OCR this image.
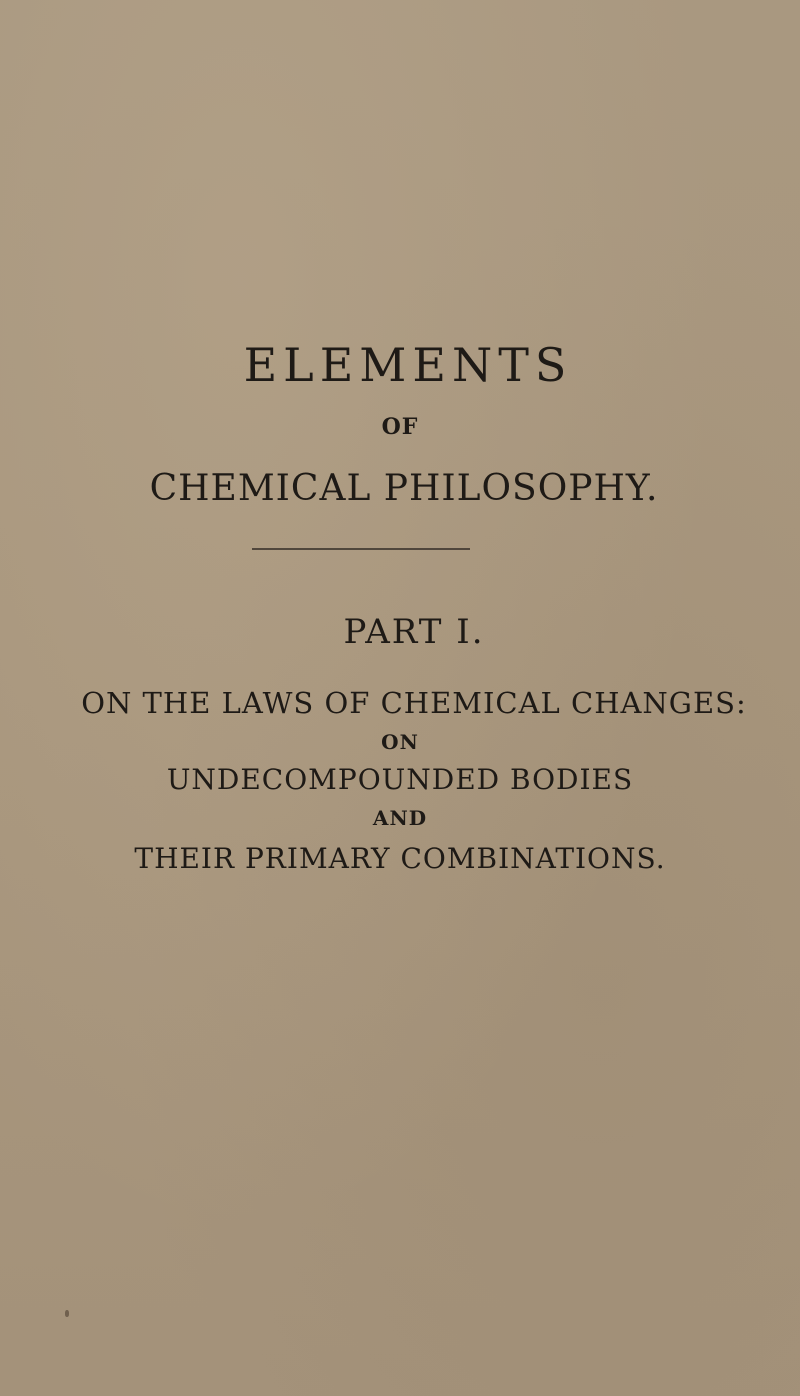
ELEMENTS
OF
CHEMICAL PHILOSOPHY.
PART I.
ON THE LAWS OF CHEMICAL CHANGES:
ON
UNDECOMPOUNDED BODIES
AND
THEIR PRIMARY COMBINATIONS.
